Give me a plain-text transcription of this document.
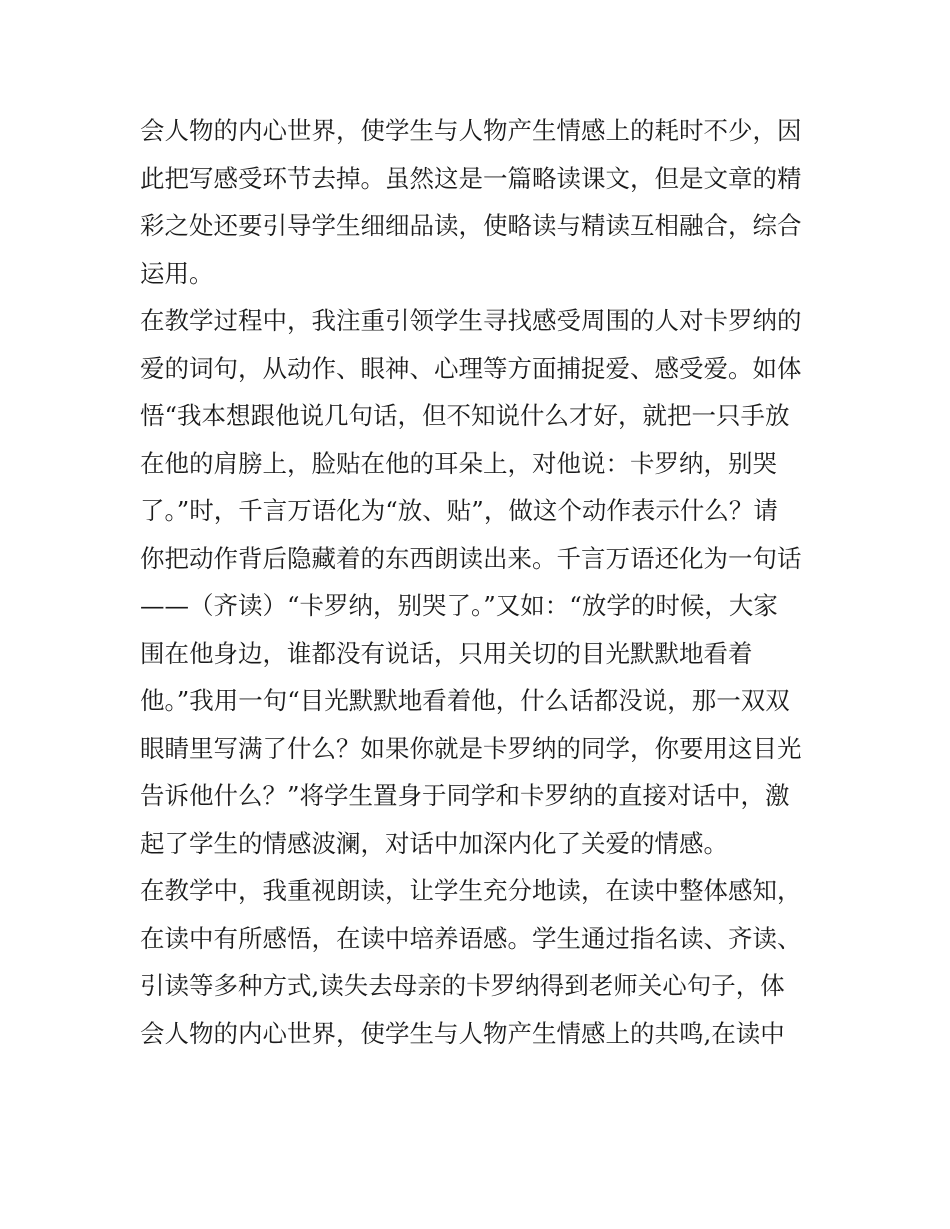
会人物的内心世界，使学生与人物产生情感上的耗时不少，因
此把写感受环节去掉。虽然这是一篇略读课文，但是文章的精
彩之处还要引导学生细细品读，使略读与精读互相融合，综合
运用。
在教学过程中，我注重引领学生寻找感受周围的人对卡罗纳的
爱的词句，从动作、眼神、心理等方面捕捉爱、感受爱。如体
悟“我本想跟他说几句话，但不知说什么才好，就把一只手放
在他的肩膀上，脸贴在他的耳朵上，对他说：卡罗纳，别哭
了。”时，千言万语化为“放、贴”，做这个动作表示什么？请
你把动作背后隐藏着的东西朗读出来。千言万语还化为一句话
——（齐读）“卡罗纳，别哭了。”又如：“放学的时候，大家
围在他身边，谁都没有说话，只用关切的目光默默地看着
他。”我用一句“目光默默地看着他，什么话都没说，那一双双
眼睛里写满了什么？如果你就是卡罗纳的同学，你要用这目光
告诉他什么？”将学生置身于同学和卡罗纳的直接对话中，激
起了学生的情感波澜，对话中加深内化了关爱的情感。
在教学中，我重视朗读，让学生充分地读，在读中整体感知，
在读中有所感悟，在读中培养语感。学生通过指名读、齐读、
引读等多种方式,读失去母亲的卡罗纳得到老师关心句子，体
会人物的内心世界，使学生与人物产生情感上的共鸣,在读中
